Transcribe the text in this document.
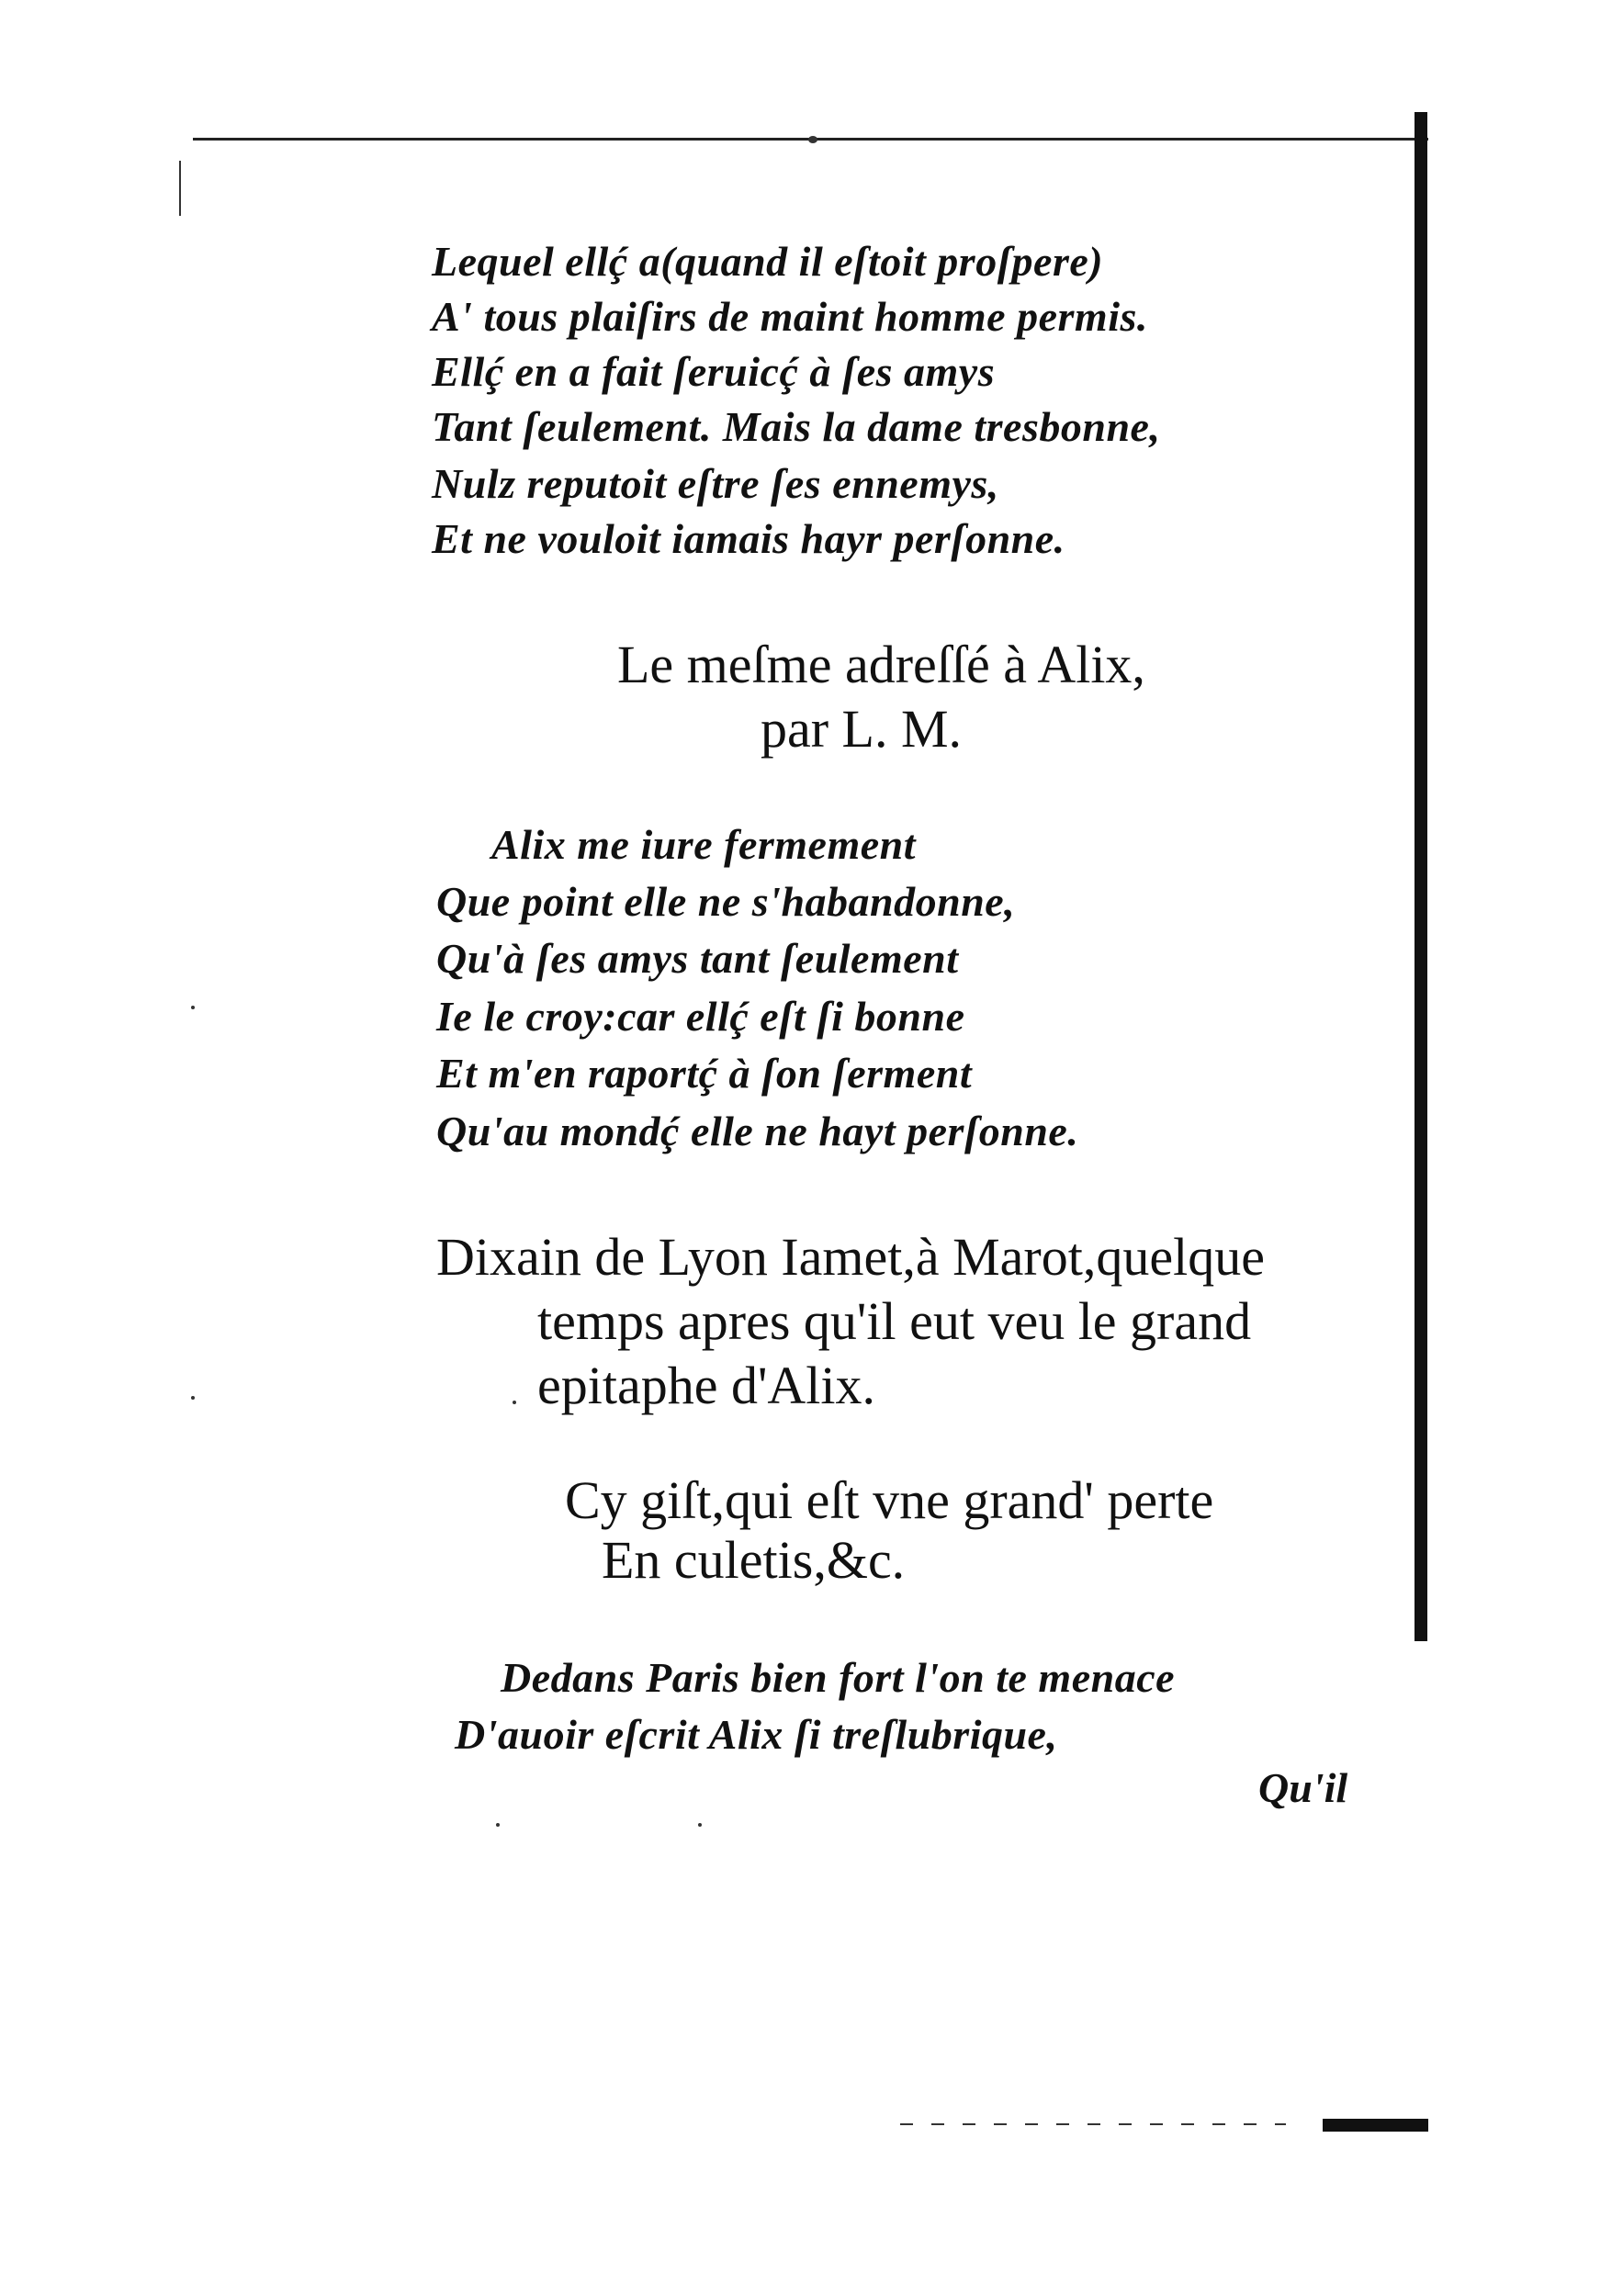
Lequel ellḉ a(quand il eſtoit proſpere)

A' tous plaiſirs de maint homme permis.

Ellḉ en a fait ſeruicḉ à ſes amys

Tant ſeulement. Mais la dame tresbonne,

Nulz reputoit eſtre ſes ennemys,

Et ne vouloit iamais hayr perſonne.

Le meſme adreſſé à Alix,

par L. M.

Alix me iure fermement

Que point elle ne s'habandonne,

Qu'à ſes amys tant ſeulement

Ie le croy:car ellḉ eſt ſi bonne

Et m'en raportḉ à ſon ſerment

Qu'au mondḉ elle ne hayt perſonne.

Dixain de Lyon Iamet,à Marot,quelque

temps apres qu'il eut veu le grand

epitaphe d'Alix.

Cy giſt,qui eſt vne grand' perte

En culetis,&c.

Dedans Paris bien fort l'on te menace

D'auoir eſcrit Alix ſi treſlubrique,

Qu'il
